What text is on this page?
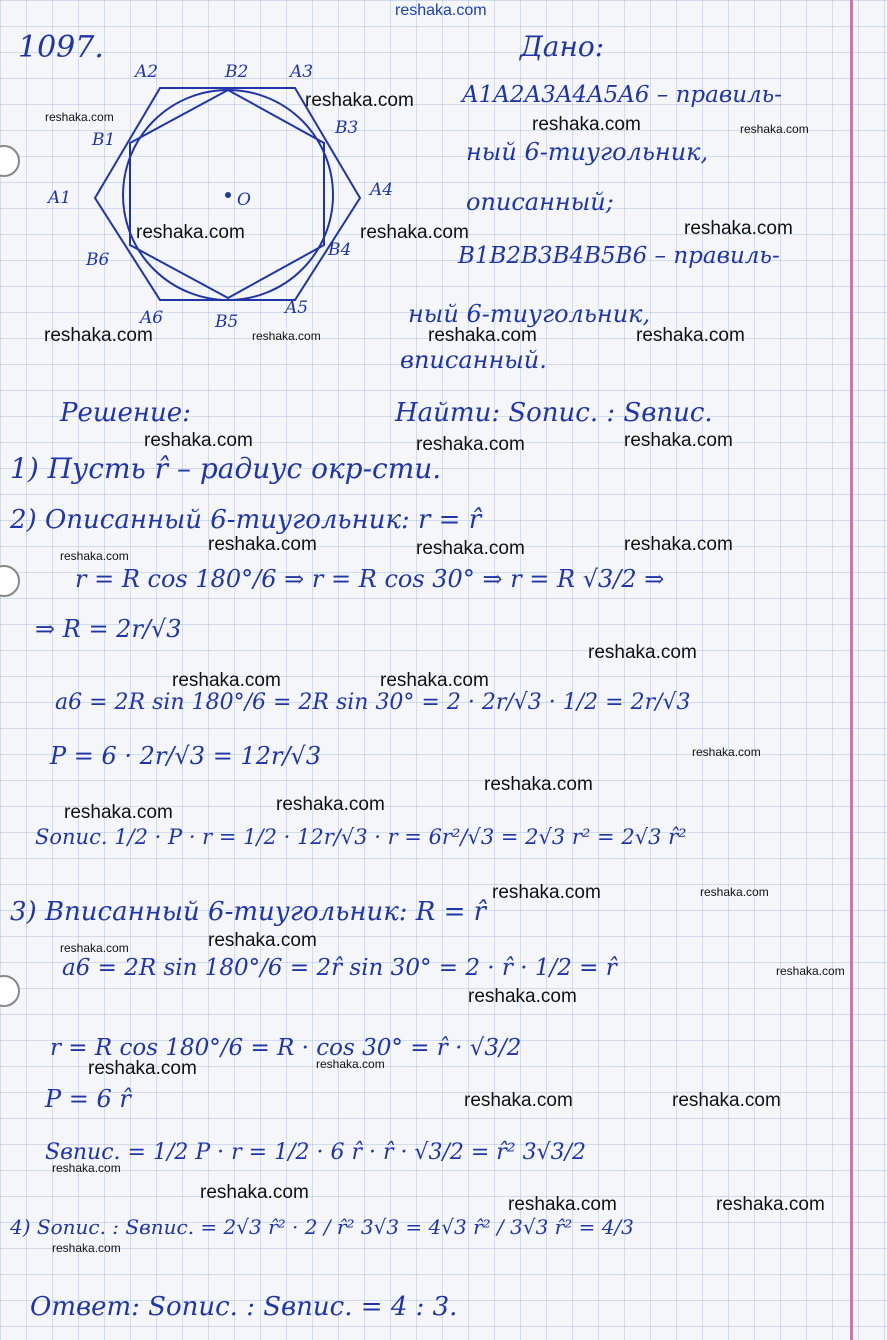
reshaka.com
1097.
A1
A2	A3
A4
A5
A6
B1
B2
B3
B4
B5
B6
O
Дано:
A1A2A3A4A5A6 – правиль-
ный 6-тиугольник,
описанный;
B1B2B3B4B5B6 – правиль-
ный 6-тиугольник,
вписанный.
Решение:	Найти: Sопис. : Sвпис.
1) Пусть r̂ – радиус окр-сти.
2) Описанный 6-тиугольник: r = r̂
r = R cos 180°/6 ⇒ r = R cos 30° ⇒ r = R √3/2 ⇒
⇒ R = 2r/√3
a6 = 2R sin 180°/6 = 2R sin 30° = 2 · 2r/√3 · 1/2 = 2r/√3
P = 6 · 2r/√3 = 12r/√3
Sопис. 1/2 · P · r = 1/2 · 12r/√3 · r = 6r²/√3 = 2√3 r² = 2√3 r̂²
3) Вписанный 6-тиугольник: R = r̂
a6 = 2R sin 180°/6 = 2r̂ sin 30° = 2 · r̂ · 1/2 = r̂
r = R cos 180°/6 = R · cos 30° = r̂ · √3/2
P = 6 r̂
Sвпис. = 1/2 P · r = 1/2 · 6 r̂ · r̂ · √3/2 = r̂² 3√3/2
4) Sопис. : Sвпис. = 2√3 r̂² · 2 / r̂² 3√3 = 4√3 r̂² / 3√3 r̂² = 4/3
Ответ: Sопис. : Sвпис. = 4 : 3.
reshaka.com
reshaka.com	reshaka.com	reshaka.com
reshaka.com	reshaka.com	reshaka.com
reshaka.com	reshaka.com	reshaka.com	reshaka.com
reshaka.com	reshaka.com	reshaka.com
reshaka.com
reshaka.com	reshaka.com	reshaka.com
reshaka.com
reshaka.com	reshaka.com
reshaka.com
reshaka.com
reshaka.com	reshaka.com
reshaka.com	reshaka.com
reshaka.com
reshaka.com
reshaka.com
reshaka.com
reshaka.com
reshaka.com
reshaka.com	reshaka.com
reshaka.com
reshaka.com
reshaka.com	reshaka.com
reshaka.com
